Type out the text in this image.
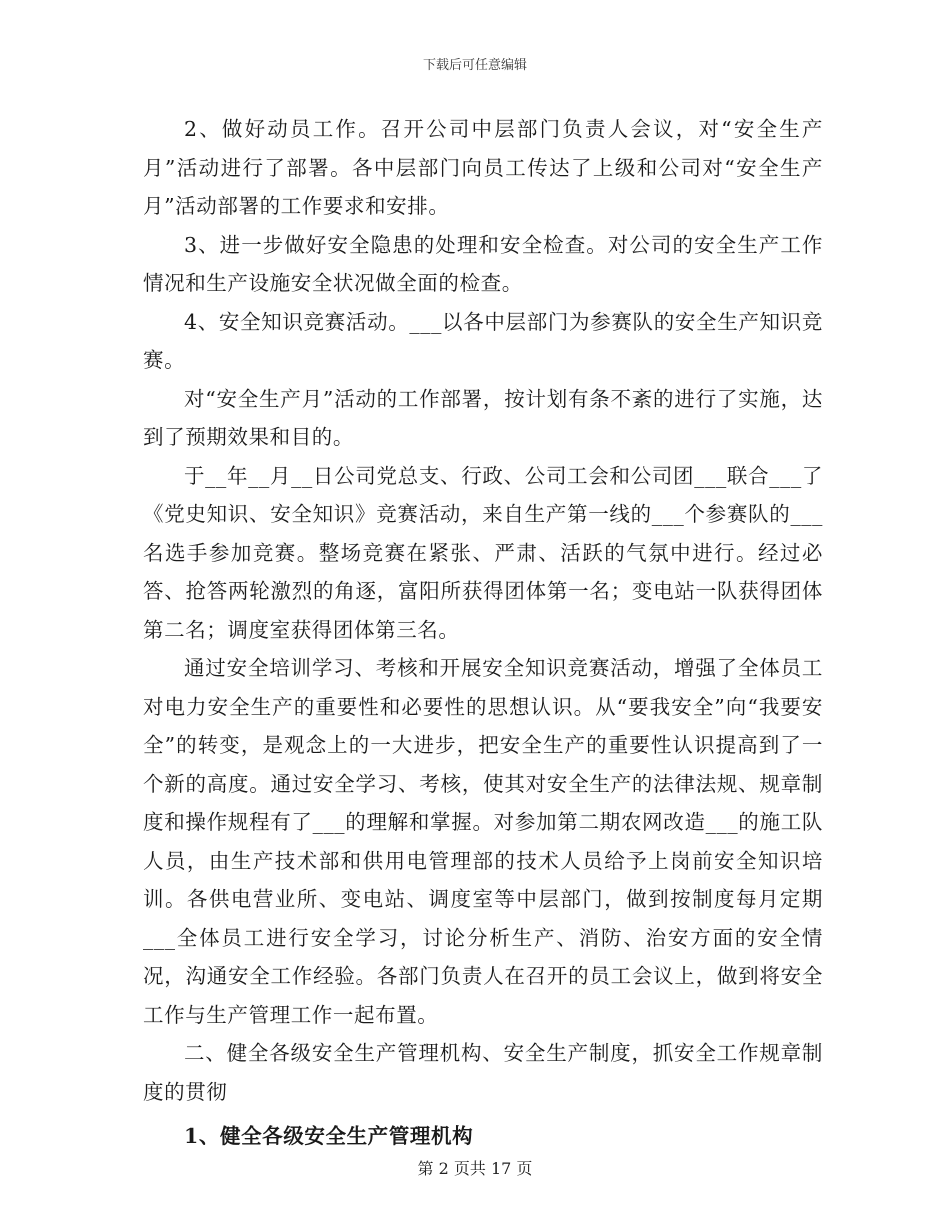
下载后可任意编辑

2、做好动员工作。召开公司中层部门负责人会议，对“安全生产月”活动进行了部署。各中层部门向员工传达了上级和公司对“安全生产月”活动部署的工作要求和安排。

3、进一步做好安全隐患的处理和安全检查。对公司的安全生产工作情况和生产设施安全状况做全面的检查。

4、安全知识竞赛活动。___以各中层部门为参赛队的安全生产知识竞赛。

对“安全生产月”活动的工作部署，按计划有条不紊的进行了实施，达到了预期效果和目的。

于__年__月__日公司党总支、行政、公司工会和公司团___联合___了《党史知识、安全知识》竞赛活动，来自生产第一线的___个参赛队的___名选手参加竞赛。整场竞赛在紧张、严肃、活跃的气氛中进行。经过必答、抢答两轮激烈的角逐，富阳所获得团体第一名；变电站一队获得团体第二名；调度室获得团体第三名。

通过安全培训学习、考核和开展安全知识竞赛活动，增强了全体员工对电力安全生产的重要性和必要性的思想认识。从“要我安全”向“我要安全”的转变，是观念上的一大进步，把安全生产的重要性认识提高到了一个新的高度。通过安全学习、考核，使其对安全生产的法律法规、规章制度和操作规程有了___的理解和掌握。对参加第二期农网改造___的施工队人员，由生产技术部和供用电管理部的技术人员给予上岗前安全知识培训。各供电营业所、变电站、调度室等中层部门，做到按制度每月定期___全体员工进行安全学习，讨论分析生产、消防、治安方面的安全情况，沟通安全工作经验。各部门负责人在召开的员工会议上，做到将安全工作与生产管理工作一起布置。

二、健全各级安全生产管理机构、安全生产制度，抓安全工作规章制度的贯彻

1、健全各级安全生产管理机构

第 2 页共 17 页
